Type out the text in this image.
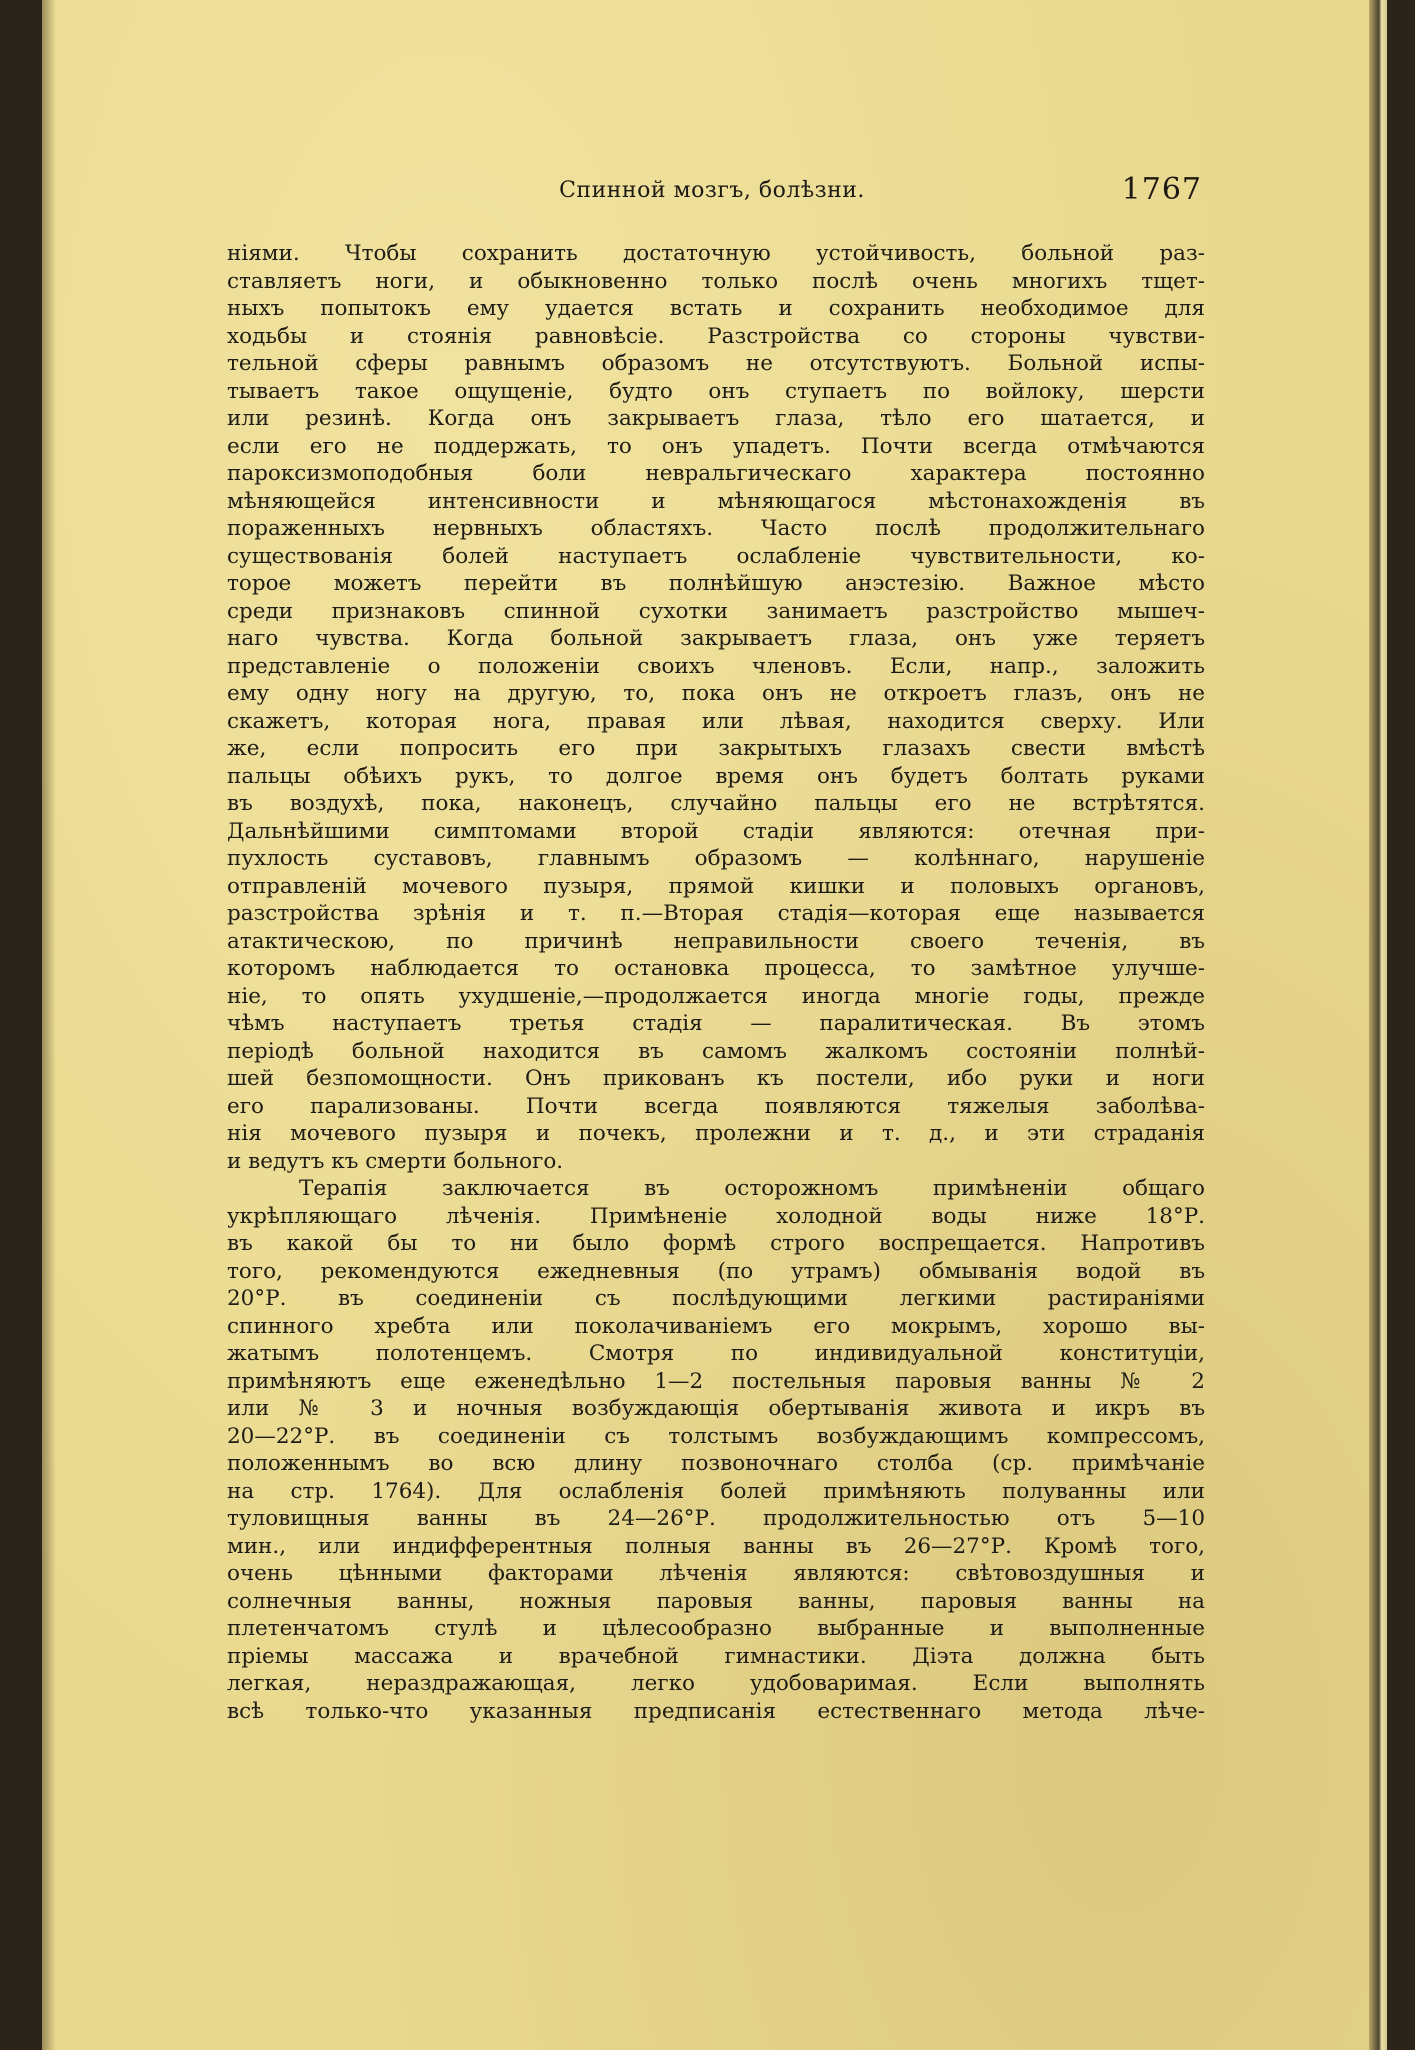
Спинной мозгъ, болѣзни.	1767
ніями. Чтобы сохранить достаточную устойчивость, больной раз-
ставляетъ ноги, и обыкновенно только послѣ очень многихъ тщет-
ныхъ попытокъ ему удается встать и сохранить необходимое для
ходьбы и стоянія равновѣсіе. Разстройства со стороны чувстви-
тельной сферы равнымъ образомъ не отсутствуютъ. Больной испы-
тываетъ такое ощущеніе, будто онъ ступаетъ по войлоку, шерсти
или резинѣ. Когда онъ закрываетъ глаза, тѣло его шатается, и
если его не поддержать, то онъ упадетъ. Почти всегда отмѣчаются
пароксизмоподобныя боли невральгическаго характера постоянно
мѣняющейся интенсивности и мѣняющагося мѣстонахожденія въ
пораженныхъ нервныхъ областяхъ. Часто послѣ продолжительнаго
существованія болей наступаетъ ослабленіе чувствительности, ко-
торое можетъ перейти въ полнѣйшую анэстезію. Важное мѣсто
среди признаковъ спинной сухотки занимаетъ разстройство мышеч-
наго чувства. Когда больной закрываетъ глаза, онъ уже теряетъ
представленіе о положеніи своихъ членовъ. Если, напр., заложить
ему одну ногу на другую, то, пока онъ не откроетъ глазъ, онъ не
скажетъ, которая нога, правая или лѣвая, находится сверху. Или
же, если попросить его при закрытыхъ глазахъ свести вмѣстѣ
пальцы обѣихъ рукъ, то долгое время онъ будетъ болтать руками
въ воздухѣ, пока, наконецъ, случайно пальцы его не встрѣтятся.
Дальнѣйшими симптомами второй стадіи являются: отечная при-
пухлость суставовъ, главнымъ образомъ — колѣннаго, нарушеніе
отправленій мочевого пузыря, прямой кишки и половыхъ органовъ,
разстройства зрѣнія и т. п.—Вторая стадія—которая еще называется
атактическою, по причинѣ неправильности своего теченія, въ
которомъ наблюдается то остановка процесса, то замѣтное улучше-
ніе, то опять ухудшеніе,—продолжается иногда многіе годы, прежде
чѣмъ наступаетъ третья стадія — паралитическая. Въ этомъ
періодѣ больной находится въ самомъ жалкомъ состояніи полнѣй-
шей безпомощности. Онъ прикованъ къ постели, ибо руки и ноги
его парализованы. Почти всегда появляются тяжелыя заболѣва-
нія мочевого пузыря и почекъ, пролежни и т. д., и эти страданія
и ведутъ къ смерти больного.
Терапія заключается въ осторожномъ примѣненіи общаго
укрѣпляющаго лѣченія. Примѣненіе холодной воды ниже 18°Р.
въ какой бы то ни было формѣ строго воспрещается. Напротивъ
того, рекомендуются ежедневныя (по утрамъ) обмыванія водой въ
20°Р. въ соединеніи съ послѣдующими легкими растираніями
спинного хребта или поколачиваніемъ его мокрымъ, хорошо вы-
жатымъ полотенцемъ. Смотря по индивидуальной конституціи,
примѣняютъ еще еженедѣльно 1—2 постельныя паровыя ванны № 2
или № 3 и ночныя возбуждающія обертыванія живота и икръ въ
20—22°Р. въ соединеніи съ толстымъ возбуждающимъ компрессомъ,
положеннымъ во всю длину позвоночнаго столба (ср. примѣчаніе
на стр. 1764). Для ослабленія болей примѣняють полуванны или
туловищныя ванны въ 24—26°Р. продолжительностью отъ 5—10
мин., или индифферентныя полныя ванны въ 26—27°Р. Кромѣ того,
очень цѣнными факторами лѣченія являются: свѣтовоздушныя и
солнечныя ванны, ножныя паровыя ванны, паровыя ванны на
плетенчатомъ стулѣ и цѣлесообразно выбранные и выполненные
пріемы массажа и врачебной гимнастики. Діэта должна быть
легкая, нераздражающая, легко удобоваримая. Если выполнять
всѣ только-что указанныя предписанія естественнаго метода лѣче-
